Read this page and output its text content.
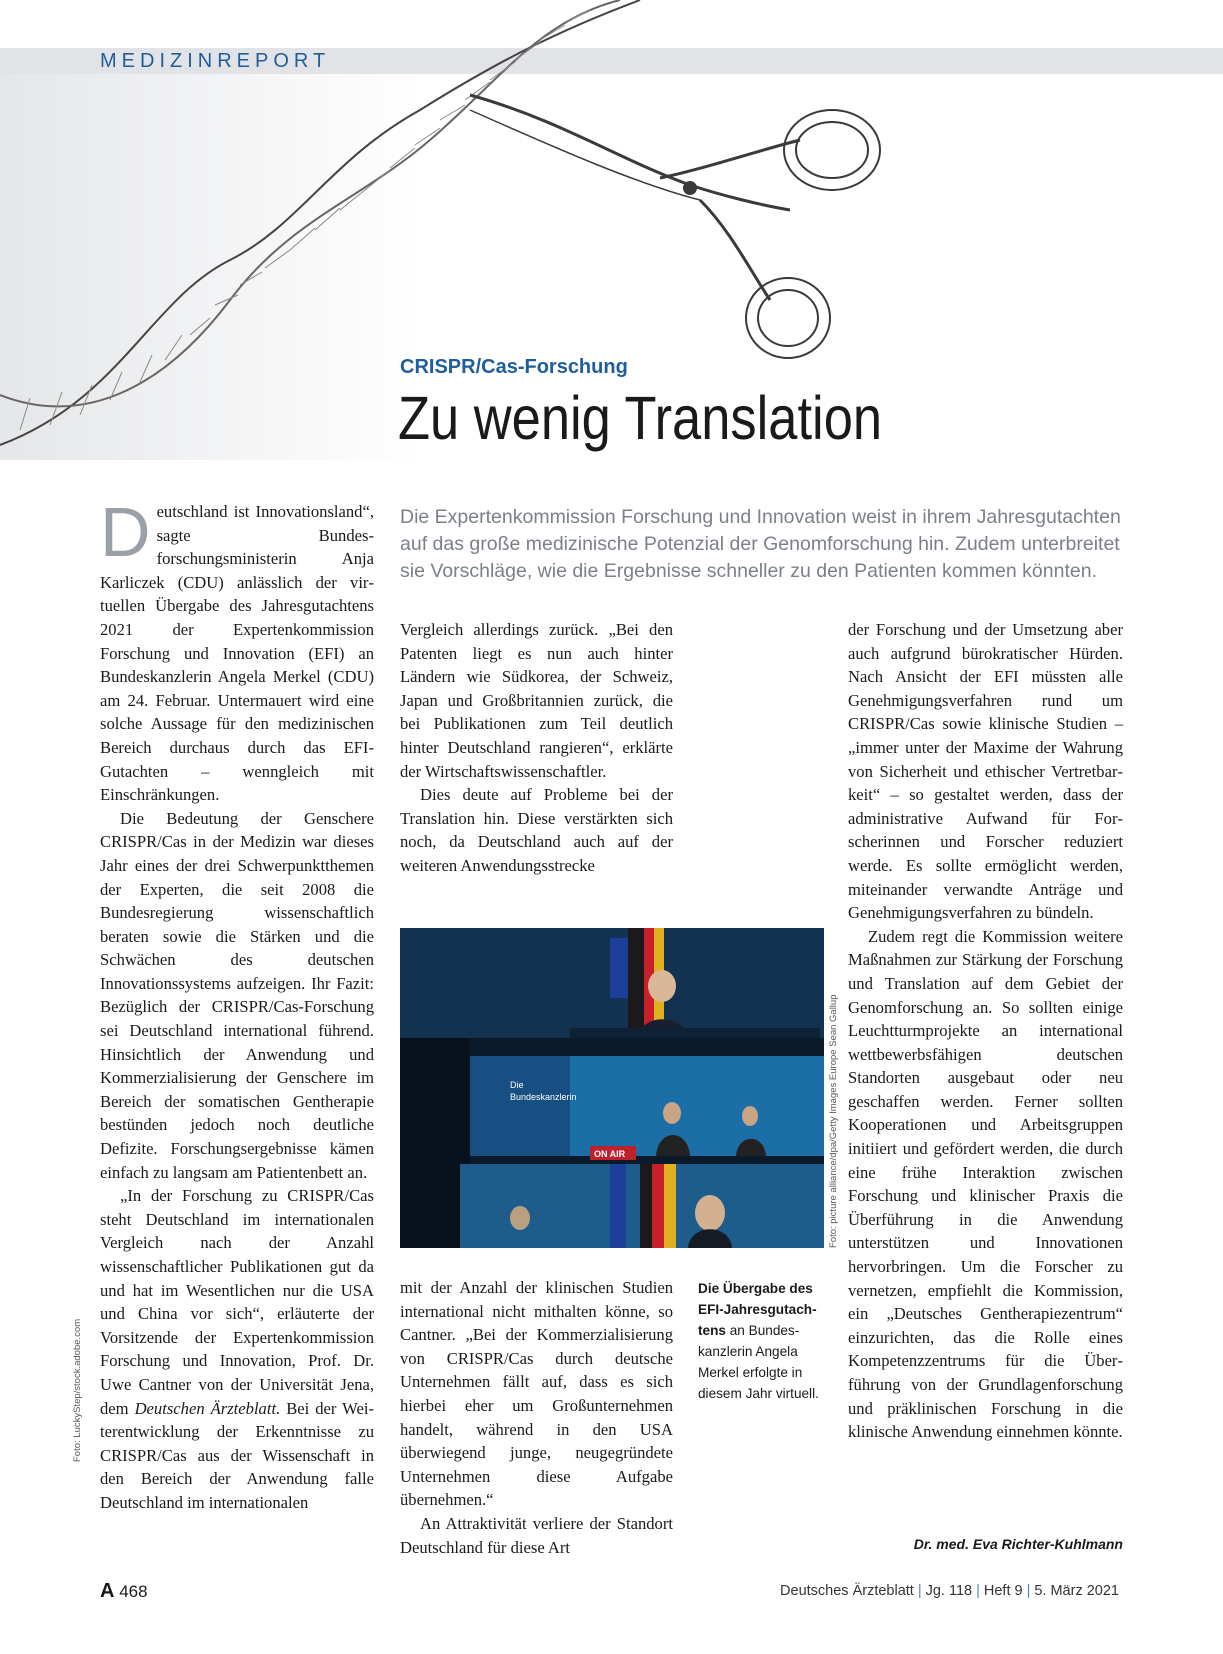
MEDIZINREPORT
Foto: LuckyStep/stock.adobe.com
CRISPR/Cas-Forschung
Zu wenig Translation
Die Expertenkommission Forschung und Innovation weist in ihrem Jahresgutachten auf das große medizinische Potenzial der Genomforschung hin. Zudem unterbreitet sie Vorschläge, wie die Ergebnisse schneller zu den Patienten kommen könnten.

Deutschland ist Innovationsland“, sagte Bundesforschungsministerin Anja Karliczek (CDU) anlässlich der virtuellen Übergabe des Jahresgutachtens 2021 der Expertenkommission Forschung und Innovation (EFI) an Bundeskanzlerin Angela Merkel (CDU) am 24. Februar. Untermauert wird eine solche Aussage für den medizinischen Bereich durchaus durch das EFI-Gutachten – wenngleich mit Einschränkungen.

Die Bedeutung der Genschere CRISPR/Cas in der Medizin war dieses Jahr eines der drei Schwerpunktthemen der Experten, die seit 2008 die Bundesregierung wissenschaftlich beraten sowie die Stärken und die Schwächen des deutschen Innovationssystems aufzeigen. Ihr Fazit: Bezüglich der CRISPR/Cas-Forschung sei Deutschland international führend. Hinsichtlich der Anwendung und Kommerzialisierung der Genschere im Bereich der somatischen Gentherapie bestünden jedoch noch deutliche Defizite. Forschungsergebnisse kämen einfach zu langsam am Patientenbett an.

„In der Forschung zu CRISPR/Cas steht Deutschland im internationalen Vergleich nach der Anzahl wissenschaftlicher Publikationen gut da und hat im Wesentlichen nur die USA und China vor sich“, erläuterte der Vorsitzende der Expertenkommission Forschung und Innovation, Prof. Dr. Uwe Cantner von der Universität Jena, dem Deutschen Ärzteblatt. Bei der Weiterentwicklung der Erkenntnisse zu CRISPR/Cas aus der Wissenschaft in den Bereich der Anwendung falle Deutschland im internationalen

Vergleich allerdings zurück. „Bei den Patenten liegt es nun auch hinter Ländern wie Südkorea, der Schweiz, Japan und Großbritannien zurück, die bei Publikationen zum Teil deutlich hinter Deutschland rangieren“, erklärte der Wirtschaftswissenschaftler.

Dies deute auf Probleme bei der Translation hin. Diese verstärkten sich noch, da Deutschland auch auf der weiteren Anwendungsstrecke

Die
Bundeskanzlerin
ON AIR	Foto: picture alliance/dpa/Getty Images Europe Sean Gallup

mit der Anzahl der klinischen Studien international nicht mithalten könne, so Cantner. „Bei der Kommerzialisierung von CRISPR/Cas durch deutsche Unternehmen fällt auf, dass es sich hierbei eher um Großunternehmen handelt, während in den USA überwiegend junge, neugegründete Unternehmen diese Aufgabe übernehmen.“

An Attraktivität verliere der Standort Deutschland für diese Art

Die Übergabe des EFI-Jahresgutachtens an Bundeskanzlerin Angela Merkel erfolgte in diesem Jahr virtuell.

der Forschung und der Umsetzung aber auch aufgrund bürokratischer Hürden. Nach Ansicht der EFI müssten alle Genehmigungsverfahren rund um CRISPR/Cas sowie klinische Studien – „immer unter der Maxime der Wahrung von Sicherheit und ethischer Vertretbarkeit“ – so gestaltet werden, dass der administrative Aufwand für Forscherinnen und Forscher reduziert werde. Es sollte ermöglicht werden, miteinander verwandte Anträge und Genehmigungsverfahren zu bündeln.

Zudem regt die Kommission weitere Maßnahmen zur Stärkung der Forschung und Translation auf dem Gebiet der Genomforschung an. So sollten einige Leuchtturmprojekte an international wettbewerbsfähigen deutschen Standorten ausgebaut oder neu geschaffen werden. Ferner sollten Kooperationen und Arbeitsgruppen initiiert und gefördert werden, die durch eine frühe Interaktion zwischen Forschung und klinischer Praxis die Überführung in die Anwendung unterstützen und Innovationen hervorbringen. Um die Forscher zu vernetzen, empfiehlt die Kommission, ein „Deutsches Gentherapiezentrum“ einzurichten, das die Rolle eines Kompetenzzentrums für die Überführung von der Grundlagenforschung und präklinischen Forschung in die klinische Anwendung einnehmen könnte.

Dr. med. Eva Richter-Kuhlmann
A 468	Deutsches Ärzteblatt | Jg. 118 | Heft 9 | 5. März 2021
